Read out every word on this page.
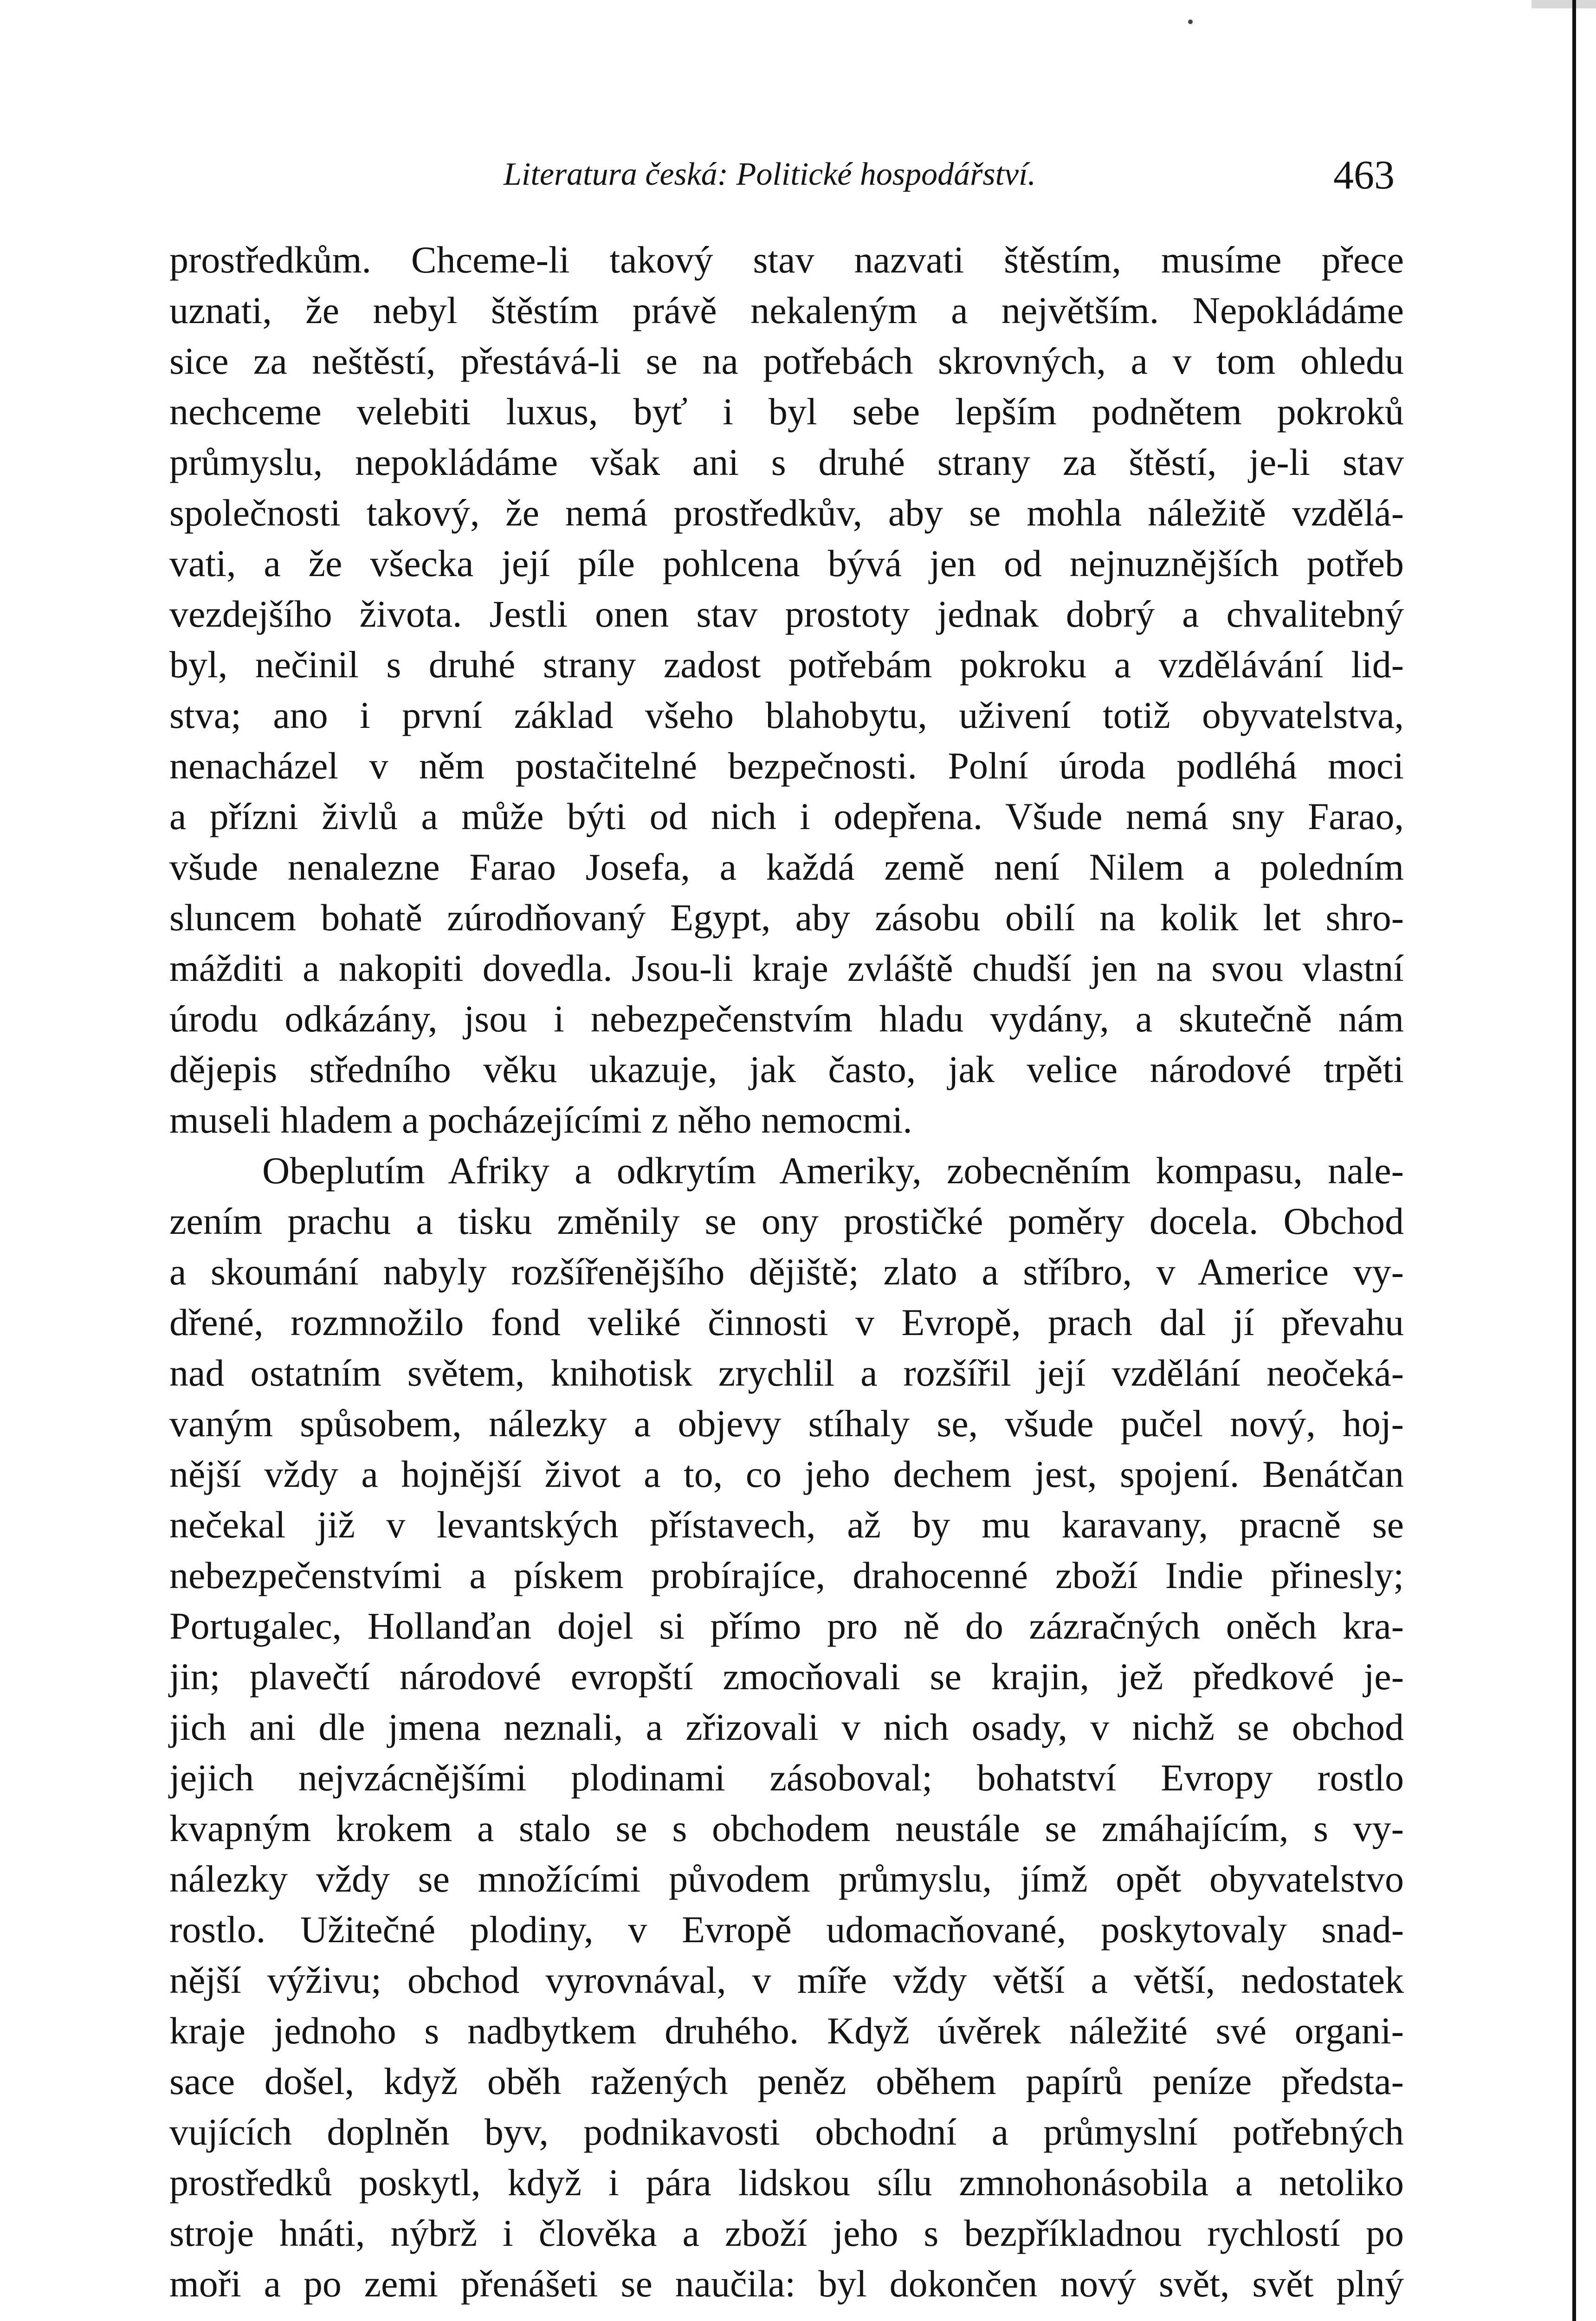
Literatura česká: Politické hospodářství.	463
prostředkům. Chceme-li takový stav nazvati štěstím, musíme přece
uznati, že nebyl štěstím právě nekaleným a největším. Nepokládáme
sice za neštěstí, přestává-li se na potřebách skrovných, a v tom ohledu
nechceme velebiti luxus, byť i byl sebe lepším podnětem pokroků
průmyslu, nepokládáme však ani s druhé strany za štěstí, je-li stav
společnosti takový, že nemá prostředkův, aby se mohla náležitě vzdělá-
vati, a že všecka její píle pohlcena bývá jen od nejnuznějších potřeb
vezdejšího života. Jestli onen stav prostoty jednak dobrý a chvalitebný
byl, nečinil s druhé strany zadost potřebám pokroku a vzdělávání lid-
stva; ano i první základ všeho blahobytu, uživení totiž obyvatelstva,
nenacházel v něm postačitelné bezpečnosti. Polní úroda podléhá moci
a přízni živlů a může býti od nich i odepřena. Všude nemá sny Farao,
všude nenalezne Farao Josefa, a každá země není Nilem a poledním
sluncem bohatě zúrodňovaný Egypt, aby zásobu obilí na kolik let shro-
mážditi a nakopiti dovedla. Jsou-li kraje zvláště chudší jen na svou vlastní
úrodu odkázány, jsou i nebezpečenstvím hladu vydány, a skutečně nám
dějepis středního věku ukazuje, jak často, jak velice národové trpěti
museli hladem a pocházejícími z něho nemocmi.
Obeplutím Afriky a odkrytím Ameriky, zobecněním kompasu, nale-
zením prachu a tisku změnily se ony prostičké poměry docela. Obchod
a skoumání nabyly rozšířenějšího dějiště; zlato a stříbro, v Americe vy-
dřené, rozmnožilo fond veliké činnosti v Evropě, prach dal jí převahu
nad ostatním světem, knihotisk zrychlil a rozšířil její vzdělání neočeká-
vaným spůsobem, nálezky a objevy stíhaly se, všude pučel nový, hoj-
nější vždy a hojnější život a to, co jeho dechem jest, spojení. Benátčan
nečekal již v levantských přístavech, až by mu karavany, pracně se
nebezpečenstvími a pískem probírajíce, drahocenné zboží Indie přinesly;
Portugalec, Hollanďan dojel si přímo pro ně do zázračných oněch kra-
jin; plavečtí národové evropští zmocňovali se krajin, jež předkové je-
jich ani dle jmena neznali, a zřizovali v nich osady, v nichž se obchod
jejich nejvzácnějšími plodinami zásoboval; bohatství Evropy rostlo
kvapným krokem a stalo se s obchodem neustále se zmáhajícím, s vy-
nálezky vždy se množícími původem průmyslu, jímž opět obyvatelstvo
rostlo. Užitečné plodiny, v Evropě udomacňované, poskytovaly snad-
nější výživu; obchod vyrovnával, v míře vždy větší a větší, nedostatek
kraje jednoho s nadbytkem druhého. Když úvěrek náležité své organi-
sace došel, když oběh ražených peněz oběhem papírů peníze předsta-
vujících doplněn byv, podnikavosti obchodní a průmyslní potřebných
prostředků poskytl, když i pára lidskou sílu zmnohonásobila a netoliko
stroje hnáti, nýbrž i člověka a zboží jeho s bezpříkladnou rychlostí po
moři a po zemi přenášeti se naučila: byl dokončen nový svět, svět plný
